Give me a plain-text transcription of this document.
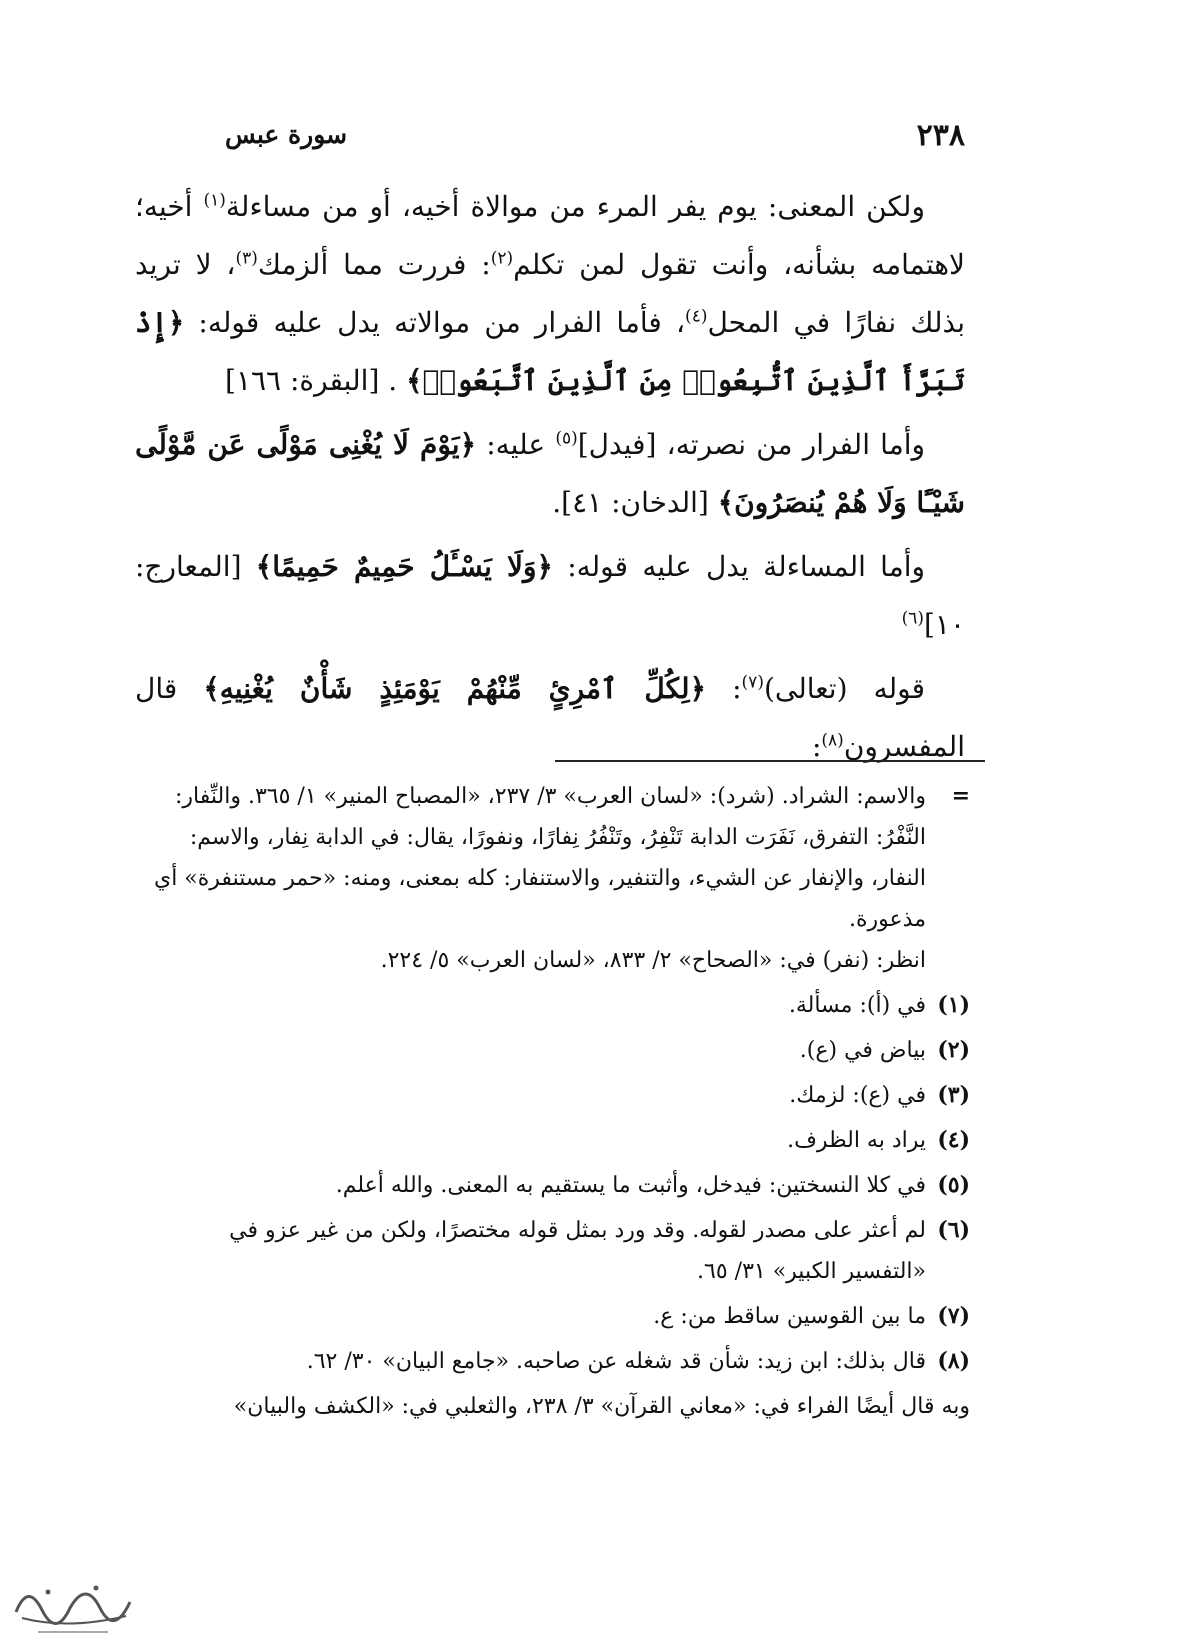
٢٣٨
سورة عبس

ولكن المعنى: يوم يفر المرء من موالاة أخيه، أو من مساءلة$^{(١)}$ أخيه؛ لاهتمامه بشأنه، وأنت تقول لمن تكلم$^{(٢)}$: فررت مما ألزمك$^{(٣)}$، لا تريد بذلك نفارًا في المحل$^{(٤)}$، فأما الفرار من موالاته يدل عليه قوله: ﴿إِذْ تَبَرَّأَ ٱلَّذِينَ ٱتُّبِعُوا۟ مِنَ ٱلَّذِينَ ٱتَّبَعُوا۟﴾ . [البقرة: ١٦٦]

وأما الفرار من نصرته، [فيدل]$^{(٥)}$ عليه: ﴿يَوْمَ لَا يُغْنِى مَوْلًى عَن مَّوْلًى شَيْـًٔا وَلَا هُمْ يُنصَرُونَ﴾ [الدخان: ٤١].

وأما المساءلة يدل عليه قوله: ﴿وَلَا يَسْـَٔلُ حَمِيمٌ حَمِيمًا﴾ [المعارج: ١٠]$^{(٦)}$

قوله (تعالى)$^{(٧)}$: ﴿لِكُلِّ ٱمْرِئٍ مِّنْهُمْ يَوْمَئِذٍ شَأْنٌ يُغْنِيهِ﴾ قال المفسرون$^{(٨)}$:

=
والاسم: الشراد. (شرد): «لسان العرب» ٣/ ٢٣٧، «المصباح المنير» ١/ ٣٦٥. والنِّفار: النَّفْرُ: التفرق، نَفَرَت الدابة تَنْفِرُ، وتَنْفُرُ نِفارًا، ونفورًا، يقال: في الدابة نِفار، والاسم: النفار، والإنفار عن الشيء، والتنفير، والاستنفار: كله بمعنى، ومنه: «حمر مستنفرة» أي مذعورة.
انظر: (نفر) في: «الصحاح» ٢/ ٨٣٣، «لسان العرب» ٥/ ٢٢٤.
(١)
في (أ): مسألة.
(٢)
بياض في (ع).
(٣)
في (ع): لزمك.
(٤)
يراد به الظرف.
(٥)
في كلا النسختين: فيدخل، وأثبت ما يستقيم به المعنى. والله أعلم.
(٦)
لم أعثر على مصدر لقوله. وقد ورد بمثل قوله مختصرًا، ولكن من غير عزو في «التفسير الكبير» ٣١/ ٦٥.
(٧)
ما بين القوسين ساقط من: ع.
(٨)
قال بذلك: ابن زيد: شأن قد شغله عن صاحبه. «جامع البيان» ٣٠/ ٦٢.
وبه قال أيضًا الفراء في: «معاني القرآن» ٣/ ٢٣٨، والثعلبي في: «الكشف والبيان»
